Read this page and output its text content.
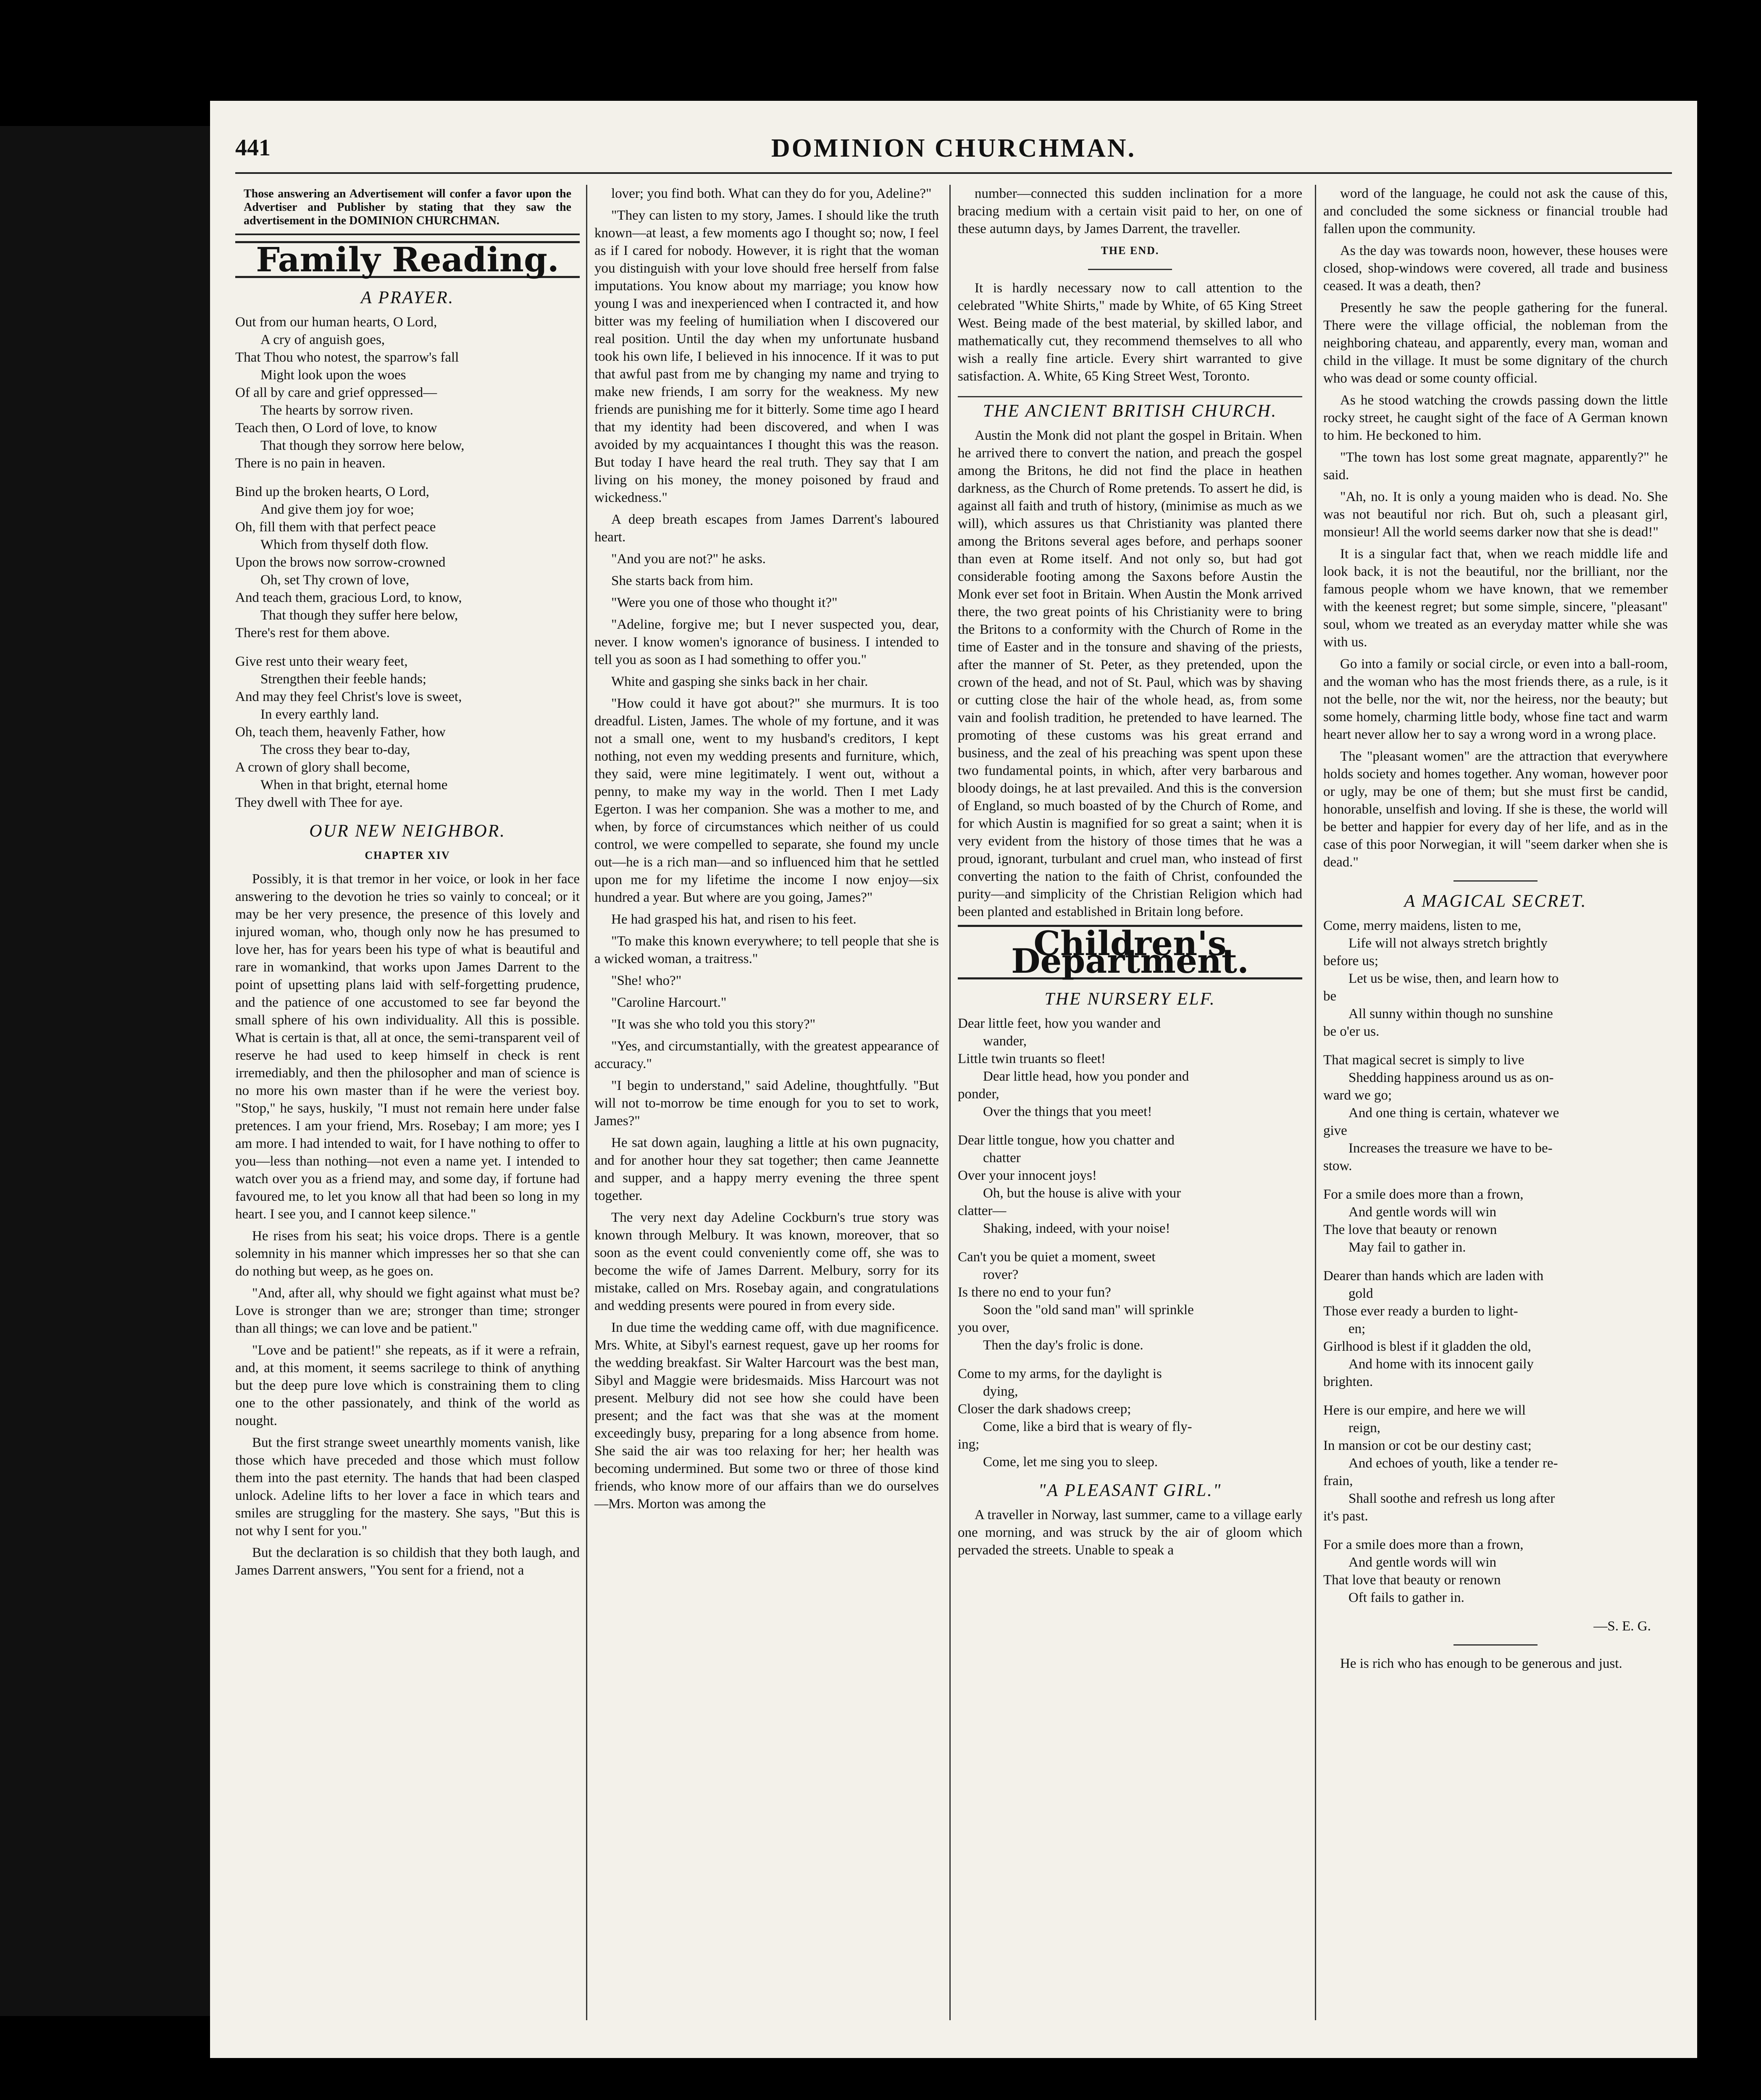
441	DOMINION CHURCHMAN.
Those answering an Advertisement will confer a favor upon the Advertiser and Publisher by stating that they saw the advertisement in the DOMINION CHURCHMAN.
Family Reading.
A PRAYER.
Out from our human hearts, O Lord,
A cry of anguish goes,
That Thou who notest, the sparrow's fall
Might look upon the woes
Of all by care and grief oppressed—
The hearts by sorrow riven.
Teach then, O Lord of love, to know
That though they sorrow here below,
There is no pain in heaven.
Bind up the broken hearts, O Lord,
And give them joy for woe;
Oh, fill them with that perfect peace
Which from thyself doth flow.
Upon the brows now sorrow-crowned
Oh, set Thy crown of love,
And teach them, gracious Lord, to know,
That though they suffer here below,
There's rest for them above.
Give rest unto their weary feet,
Strengthen their feeble hands;
And may they feel Christ's love is sweet,
In every earthly land.
Oh, teach them, heavenly Father, how
The cross they bear to-day,
A crown of glory shall become,
When in that bright, eternal home
They dwell with Thee for aye.
OUR NEW NEIGHBOR.
CHAPTER XIV

Possibly, it is that tremor in her voice, or look in her face answering to the devotion he tries so vainly to conceal; or it may be her very presence, the presence of this lovely and injured woman, who, though only now he has presumed to love her, has for years been his type of what is beautiful and rare in womankind, that works upon James Darrent to the point of upsetting plans laid with self-forgetting prudence, and the patience of one accustomed to see far beyond the small sphere of his own individuality. All this is possible. What is certain is that, all at once, the semi-transparent veil of reserve he had used to keep himself in check is rent irremediably, and then the philosopher and man of science is no more his own master than if he were the veriest boy. "Stop," he says, huskily, "I must not remain here under false pretences. I am your friend, Mrs. Rosebay; I am more; yes I am more. I had intended to wait, for I have nothing to offer to you—less than nothing—not even a name yet. I intended to watch over you as a friend may, and some day, if fortune had favoured me, to let you know all that had been so long in my heart. I see you, and I cannot keep silence."

He rises from his seat; his voice drops. There is a gentle solemnity in his manner which impresses her so that she can do nothing but weep, as he goes on.

"And, after all, why should we fight against what must be? Love is stronger than we are; stronger than time; stronger than all things; we can love and be patient."

"Love and be patient!" she repeats, as if it were a refrain, and, at this moment, it seems sacrilege to think of anything but the deep pure love which is constraining them to cling one to the other passionately, and think of the world as nought.

But the first strange sweet unearthly moments vanish, like those which have preceded and those which must follow them into the past eternity. The hands that had been clasped unlock. Adeline lifts to her lover a face in which tears and smiles are struggling for the mastery. She says, "But this is not why I sent for you."

But the declaration is so childish that they both laugh, and James Darrent answers, "You sent for a friend, not a

lover; you find both. What can they do for you, Adeline?"

"They can listen to my story, James. I should like the truth known—at least, a few moments ago I thought so; now, I feel as if I cared for nobody. However, it is right that the woman you distinguish with your love should free herself from false imputations. You know about my marriage; you know how young I was and inexperienced when I contracted it, and how bitter was my feeling of humiliation when I discovered our real position. Until the day when my unfortunate husband took his own life, I believed in his innocence. If it was to put that awful past from me by changing my name and trying to make new friends, I am sorry for the weakness. My new friends are punishing me for it bitterly. Some time ago I heard that my identity had been discovered, and when I was avoided by my acquaintances I thought this was the reason. But today I have heard the real truth. They say that I am living on his money, the money poisoned by fraud and wickedness."

A deep breath escapes from James Darrent's laboured heart.

"And you are not?" he asks.

She starts back from him.

"Were you one of those who thought it?"

"Adeline, forgive me; but I never suspected you, dear, never. I know women's ignorance of business. I intended to tell you as soon as I had something to offer you."

White and gasping she sinks back in her chair.

"How could it have got about?" she murmurs. It is too dreadful. Listen, James. The whole of my fortune, and it was not a small one, went to my husband's creditors, I kept nothing, not even my wedding presents and furniture, which, they said, were mine legitimately. I went out, without a penny, to make my way in the world. Then I met Lady Egerton. I was her companion. She was a mother to me, and when, by force of circumstances which neither of us could control, we were compelled to separate, she found my uncle out—he is a rich man—and so influenced him that he settled upon me for my lifetime the income I now enjoy—six hundred a year. But where are you going, James?"

He had grasped his hat, and risen to his feet.

"To make this known everywhere; to tell people that she is a wicked woman, a traitress."

"She! who?"

"Caroline Harcourt."

"It was she who told you this story?"

"Yes, and circumstantially, with the greatest appearance of accuracy."

"I begin to understand," said Adeline, thoughtfully. "But will not to-morrow be time enough for you to set to work, James?"

He sat down again, laughing a little at his own pugnacity, and for another hour they sat together; then came Jeannette and supper, and a happy merry evening the three spent together.

The very next day Adeline Cockburn's true story was known through Melbury. It was known, moreover, that so soon as the event could conveniently come off, she was to become the wife of James Darrent. Melbury, sorry for its mistake, called on Mrs. Rosebay again, and congratulations and wedding presents were poured in from every side.

In due time the wedding came off, with due magnificence. Mrs. White, at Sibyl's earnest request, gave up her rooms for the wedding breakfast. Sir Walter Harcourt was the best man, Sibyl and Maggie were bridesmaids. Miss Harcourt was not present. Melbury did not see how she could have been present; and the fact was that she was at the moment exceedingly busy, preparing for a long absence from home. She said the air was too relaxing for her; her health was becoming undermined. But some two or three of those kind friends, who know more of our affairs than we do ourselves—Mrs. Morton was among the

number—connected this sudden inclination for a more bracing medium with a certain visit paid to her, on one of these autumn days, by James Darrent, the traveller.

THE END.

It is hardly necessary now to call attention to the celebrated "White Shirts," made by White, of 65 King Street West. Being made of the best material, by skilled labor, and mathematically cut, they recommend themselves to all who wish a really fine article. Every shirt warranted to give satisfaction. A. White, 65 King Street West, Toronto.

THE ANCIENT BRITISH CHURCH.

Austin the Monk did not plant the gospel in Britain. When he arrived there to convert the nation, and preach the gospel among the Britons, he did not find the place in heathen darkness, as the Church of Rome pretends. To assert he did, is against all faith and truth of history, (minimise as much as we will), which assures us that Christianity was planted there among the Britons several ages before, and perhaps sooner than even at Rome itself. And not only so, but had got considerable footing among the Saxons before Austin the Monk ever set foot in Britain. When Austin the Monk arrived there, the two great points of his Christianity were to bring the Britons to a conformity with the Church of Rome in the time of Easter and in the tonsure and shaving of the priests, after the manner of St. Peter, as they pretended, upon the crown of the head, and not of St. Paul, which was by shaving or cutting close the hair of the whole head, as, from some vain and foolish tradition, he pretended to have learned. The promoting of these customs was his great errand and business, and the zeal of his preaching was spent upon these two fundamental points, in which, after very barbarous and bloody doings, he at last prevailed. And this is the conversion of England, so much boasted of by the Church of Rome, and for which Austin is magnified for so great a saint; when it is very evident from the history of those times that he was a proud, ignorant, turbulant and cruel man, who instead of first converting the nation to the faith of Christ, confounded the purity—and simplicity of the Christian Religion which had been planted and established in Britain long before.

Children's Department.
THE NURSERY ELF.
Dear little feet, how you wander and
wander,
Little twin truants so fleet!
Dear little head, how you ponder and
ponder,
Over the things that you meet!
Dear little tongue, how you chatter and
chatter
Over your innocent joys!
Oh, but the house is alive with your
clatter—
Shaking, indeed, with your noise!
Can't you be quiet a moment, sweet
rover?
Is there no end to your fun?
Soon the "old sand man" will sprinkle
you over,
Then the day's frolic is done.
Come to my arms, for the daylight is
dying,
Closer the dark shadows creep;
Come, like a bird that is weary of fly-
ing;
Come, let me sing you to sleep.
"A PLEASANT GIRL."

A traveller in Norway, last summer, came to a village early one morning, and was struck by the air of gloom which pervaded the streets. Unable to speak a

word of the language, he could not ask the cause of this, and concluded the some sickness or financial trouble had fallen upon the community.

As the day was towards noon, however, these houses were closed, shop-windows were covered, all trade and business ceased. It was a death, then?

Presently he saw the people gathering for the funeral. There were the village official, the nobleman from the neighboring chateau, and apparently, every man, woman and child in the village. It must be some dignitary of the church who was dead or some county official.

As he stood watching the crowds passing down the little rocky street, he caught sight of the face of A German known to him. He beckoned to him.

"The town has lost some great magnate, apparently?" he said.

"Ah, no. It is only a young maiden who is dead. No. She was not beautiful nor rich. But oh, such a pleasant girl, monsieur! All the world seems darker now that she is dead!"

It is a singular fact that, when we reach middle life and look back, it is not the beautiful, nor the brilliant, nor the famous people whom we have known, that we remember with the keenest regret; but some simple, sincere, "pleasant" soul, whom we treated as an everyday matter while she was with us.

Go into a family or social circle, or even into a ball-room, and the woman who has the most friends there, as a rule, is it not the belle, nor the wit, nor the heiress, nor the beauty; but some homely, charming little body, whose fine tact and warm heart never allow her to say a wrong word in a wrong place.

The "pleasant women" are the attraction that everywhere holds society and homes together. Any woman, however poor or ugly, may be one of them; but she must first be candid, honorable, unselfish and loving. If she is these, the world will be better and happier for every day of her life, and as in the case of this poor Norwegian, it will "seem darker when she is dead."

A MAGICAL SECRET.
Come, merry maidens, listen to me,
Life will not always stretch brightly
before us;
Let us be wise, then, and learn how to
be
All sunny within though no sunshine
be o'er us.
That magical secret is simply to live
Shedding happiness around us as on-
ward we go;
And one thing is certain, whatever we
give
Increases the treasure we have to be-
stow.
For a smile does more than a frown,
And gentle words will win
The love that beauty or renown
May fail to gather in.
Dearer than hands which are laden with
gold
Those ever ready a burden to light-
en;
Girlhood is blest if it gladden the old,
And home with its innocent gaily
brighten.
Here is our empire, and here we will
reign,
In mansion or cot be our destiny cast;
And echoes of youth, like a tender re-
frain,
Shall soothe and refresh us long after
it's past.
For a smile does more than a frown,
And gentle words will win
That love that beauty or renown
Oft fails to gather in.
—S. E. G.

He is rich who has enough to be generous and just.
